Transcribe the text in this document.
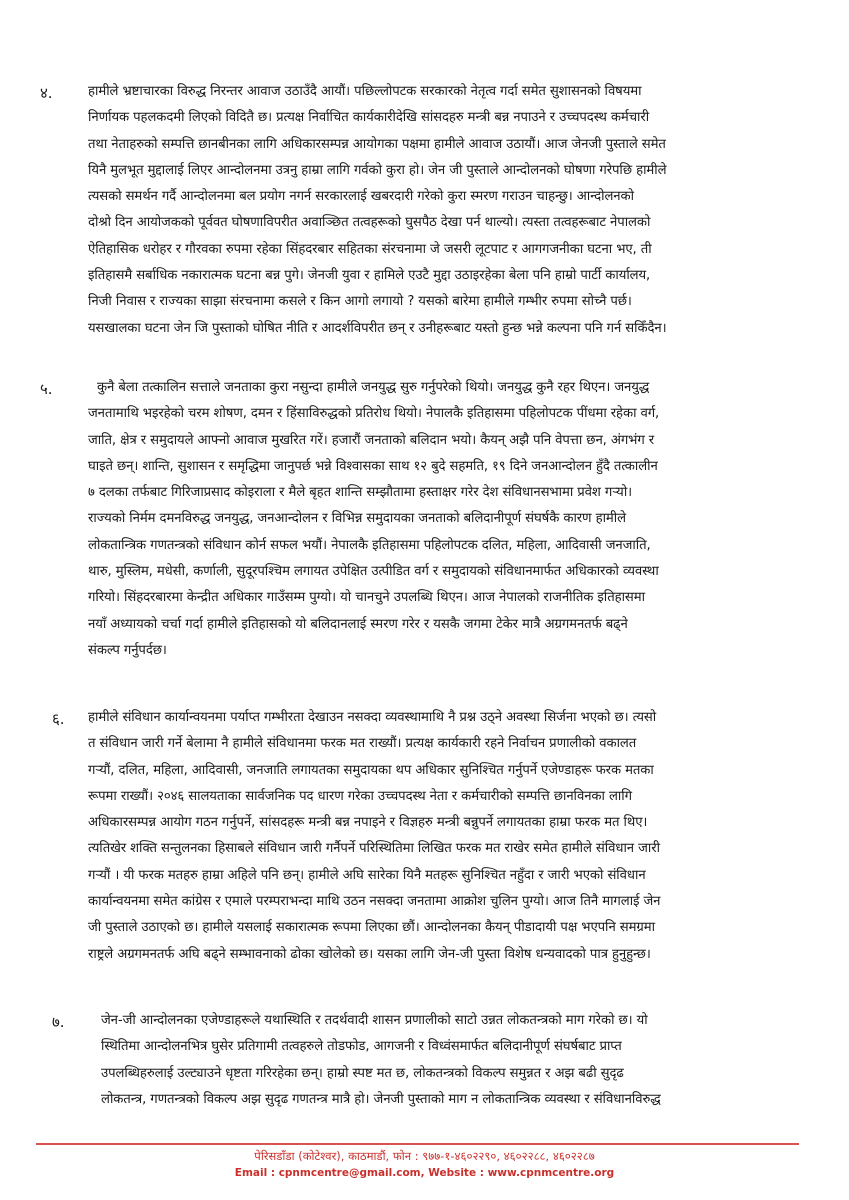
४.	हामीले भ्रष्टाचारका विरुद्ध निरन्तर आवाज उठाउँदै आयौं। पछिल्लोपटक सरकारको नेतृत्व गर्दा समेत सुशासनको विषयमा
निर्णायक पहलकदमी लिएको विदितै छ। प्रत्यक्ष निर्वाचित कार्यकारीदेखि सांसदहरु मन्त्री बन्न नपाउने र उच्चपदस्थ कर्मचारी
तथा नेताहरुको सम्पत्ति छानबीनका लागि अधिकारसम्पन्न आयोगका पक्षमा हामीले आवाज उठायौं। आज जेनजी पुस्ताले समेत
यिनै मुलभूत मुद्दालाई लिएर आन्दोलनमा उत्रनु हाम्रा लागि गर्वको कुरा हो। जेन जी पुस्ताले आन्दोलनको घोषणा गरेपछि हामीले
त्यसको समर्थन गर्दै आन्दोलनमा बल प्रयोग नगर्न सरकारलाई खबरदारी गरेको कुरा स्मरण गराउन चाहन्छु। आन्दोलनको
दोश्रो दिन आयोजकको पूर्ववत घोषणाविपरीत अवाञ्छित तत्वहरूको घुसपैठ देखा पर्न थाल्यो। त्यस्ता तत्वहरूबाट नेपालको
ऐतिहासिक धरोहर र गौरवका रुपमा रहेका सिंहदरबार सहितका संरचनामा जे जसरी लूटपाट र आगगजनीका घटना भए, ती
इतिहासमै सर्बाधिक नकारात्मक घटना बन्न पुगे। जेनजी युवा र हामिले एउटै मुद्दा उठाइरहेका बेला पनि हाम्रो पार्टी कार्यालय,
निजी निवास र राज्यका साझा संरचनामा कसले र किन आगो लगायो ? यसको बारेमा हामीले गम्भीर रुपमा सोच्नै पर्छ।
यसखालका घटना जेन जि पुस्ताको घोषित नीति र आदर्शविपरीत छन् र उनीहरूबाट यस्तो हुन्छ भन्ने कल्पना पनि गर्न सकिँदैन।
५.	कुनै बेला तत्कालिन सत्ताले जनताका कुरा नसुन्दा हामीले जनयुद्ध सुरु गर्नुपरेको थियो। जनयुद्ध कुनै रहर थिएन। जनयुद्ध
जनतामाथि भइरहेको चरम शोषण, दमन र हिंसाविरुद्धको प्रतिरोध थियो। नेपालकै इतिहासमा पहिलोपटक पींधमा रहेका वर्ग,
जाति, क्षेत्र र समुदायले आफ्नो आवाज मुखरित गरें। हजारौं जनताको बलिदान भयो। कैयन् अझै पनि वेपत्ता छन, अंगभंग र
घाइते छन्। शान्ति, सुशासन र समृद्धिमा जानुपर्छ भन्ने विश्वासका साथ १२ बुदे सहमति, १९ दिने जनआन्दोलन हुँदै तत्कालीन
७ दलका तर्फबाट गिरिजाप्रसाद कोइराला र मैले बृहत शान्ति सम्झौतामा हस्ताक्षर गरेर देश संविधानसभामा प्रवेश गऱ्यो।
राज्यको निर्मम दमनविरुद्ध जनयुद्ध, जनआन्दोलन र विभिन्न समुदायका जनताको बलिदानीपूर्ण संघर्षकै कारण हामीले
लोकतान्त्रिक गणतन्त्रको संविधान कोर्न सफल भयौं। नेपालकै इतिहासमा पहिलोपटक दलित, महिला, आदिवासी जनजाति,
थारु, मुस्लिम, मधेसी, कर्णाली, सुदूरपश्चिम लगायत उपेक्षित उत्पीडित वर्ग र समुदायको संविधानमार्फत अधिकारको व्यवस्था
गरियो। सिंहदरबारमा केन्द्रीत अधिकार गाउँसम्म पुग्यो। यो चानचुने उपलब्धि थिएन। आज नेपालको राजनीतिक इतिहासमा
नयाँ अध्यायको चर्चा गर्दा हामीले इतिहासको यो बलिदानलाई स्मरण गरेर र यसकै जगमा टेकेर मात्रै अग्रगमनतर्फ बढ्ने
संकल्प गर्नुपर्दछ।
६. हामीले संविधान कार्यान्वयनमा पर्याप्त गम्भीरता देखाउन नसक्दा व्यवस्थामाथि नै प्रश्न उठ्ने अवस्था सिर्जना भएको छ। त्यसो
त संविधान जारी गर्ने बेलामा नै हामीले संविधानमा फरक मत राख्यौं। प्रत्यक्ष कार्यकारी रहने निर्वाचन प्रणालीको वकालत
गर्‍यौं, दलित, महिला, आदिवासी, जनजाति लगायतका समुदायका थप अधिकार सुनिश्चित गर्नुपर्ने एजेण्डाहरू फरक मतका
रूपमा राख्यौं। २०४६ सालयताका सार्वजनिक पद धारण गरेका उच्चपदस्थ नेता र कर्मचारीको सम्पत्ति छानविनका लागि
अधिकारसम्पन्न आयोग गठन गर्नुपर्ने, सांसदहरू मन्त्री बन्न नपाइने र विज्ञहरु मन्त्री बन्नुपर्ने लगायतका हाम्रा फरक मत थिए।
त्यतिखेर शक्ति सन्तुलनका हिसाबले संविधान जारी गर्नैपर्ने परिस्थितिमा लिखित फरक मत राखेर समेत हामीले संविधान जारी
गर्‍यौं । यी फरक मतहरु हाम्रा अहिले पनि छन्। हामीले अघि सारेका यिनै मतहरू सुनिश्चित नहुँदा र जारी भएको संविधान
कार्यान्वयनमा समेत कांग्रेस र एमाले परम्पराभन्दा माथि उठन नसक्दा जनतामा आक्रोश चुलिन पुग्यो। आज तिनै मागलाई जेन
जी पुस्ताले उठाएको छ। हामीले यसलाई सकारात्मक रूपमा लिएका छौं। आन्दोलनका कैयन् पीडादायी पक्ष भएपनि समग्रमा
राष्ट्रले अग्रगमनतर्फ अघि बढ्ने सम्भावनाको ढोका खोलेको छ। यसका लागि जेन-जी पुस्ता विशेष धन्यवादको पात्र हुनुहुन्छ।
७.	जेन-जी आन्दोलनका एजेण्डाहरूले यथास्थिति र तदर्थवादी शासन प्रणालीको साटो उन्नत लोकतन्त्रको माग गरेको छ। यो
स्थितिमा आन्दोलनभित्र घुसेर प्रतिगामी तत्वहरुले तोडफोड, आगजनी र विध्वंसमार्फत बलिदानीपूर्ण संघर्षबाट प्राप्त
उपलब्धिहरुलाई उल्ट्याउने धृष्टता गरिरहेका छन्। हाम्रो स्पष्ट मत छ, लोकतन्त्रको विकल्प समुन्नत र अझ बढी सुदृढ
लोकतन्त्र, गणतन्त्रको विकल्प अझ सुदृढ गणतन्त्र मात्रै हो। जेनजी पुस्ताको माग न लोकतान्त्रिक व्यवस्था र संविधानविरुद्ध
पेरिसडाँडा (कोटेश्वर), काठमाडौं, फोन : ९७७-१-४६०२२९०, ४६०२२८८, ४६०२२८७
Email : cpnmcentre@gmail.com, Website : www.cpnmcentre.org
